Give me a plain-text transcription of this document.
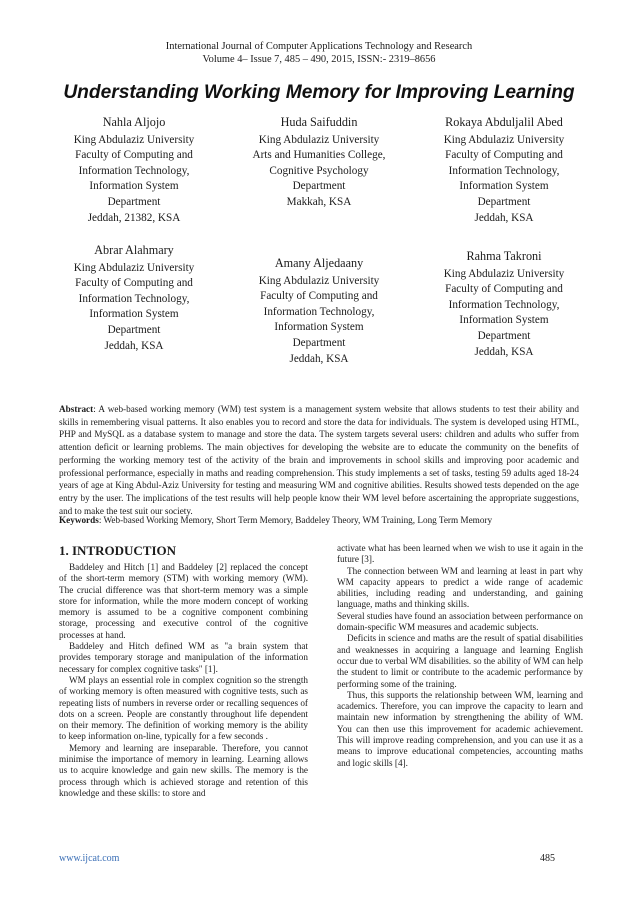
International Journal of Computer Applications Technology and Research
Volume 4– Issue 7, 485 – 490, 2015, ISSN:- 2319–8656
Understanding Working Memory for Improving Learning
Nahla Aljojo
King Abdulaziz University
Faculty of Computing and
Information Technology,
Information System
Department
Jeddah, 21382, KSA
Huda Saifuddin
King Abdulaziz University
Arts and Humanities College,
Cognitive Psychology
Department
Makkah, KSA
Rokaya Abduljalil Abed
King Abdulaziz University
Faculty of Computing and
Information Technology,
Information System
Department
Jeddah, KSA
Abrar Alahmary
King Abdulaziz University
Faculty of Computing and
Information Technology,
Information System
Department
Jeddah, KSA
Amany Aljedaany
King Abdulaziz University
Faculty of Computing and
Information Technology,
Information System
Department
Jeddah, KSA
Rahma Takroni
King Abdulaziz University
Faculty of Computing and
Information Technology,
Information System
Department
Jeddah, KSA
Abstract: A web-based working memory (WM) test system is a management system website that allows students to test their ability and skills in remembering visual patterns. It also enables you to record and store the data for individuals. The system is developed using HTML, PHP and MySQL as a database system to manage and store the data. The system targets several users: children and adults who suffer from attention deficit or learning problems. The main objectives for developing the website are to educate the community on the benefits of performing the working memory test of the activity of the brain and improvements in school skills and improving poor academic and professional performance, especially in maths and reading comprehension. This study implements a set of tasks, testing 59 adults aged 18-24 years of age at King Abdul-Aziz University for testing and measuring WM and cognitive abilities. Results showed tests depended on the age entry by the user. The implications of the test results will help people know their WM level before ascertaining the appropriate suggestions, and to make the test suit our society.
Keywords: Web-based Working Memory, Short Term Memory, Baddeley Theory, WM Training, Long Term Memory
1. INTRODUCTION

Baddeley and Hitch [1] and Baddeley [2] replaced the concept of the short-term memory (STM) with working memory (WM). The crucial difference was that short-term memory was a simple store for information, while the more modern concept of working memory is assumed to be a cognitive component combining storage, processing and executive control of the cognitive processes at hand.

Baddeley and Hitch defined WM as "a brain system that provides temporary storage and manipulation of the information necessary for complex cognitive tasks" [1].

WM plays an essential role in complex cognition so the strength of working memory is often measured with cognitive tests, such as repeating lists of numbers in reverse order or recalling sequences of dots on a screen. People are constantly throughout life dependent on their memory. The definition of working memory is the ability to keep information on-line, typically for a few seconds .

Memory and learning are inseparable. Therefore, you cannot minimise the importance of memory in learning. Learning allows us to acquire knowledge and gain new skills. The memory is the process through which is achieved storage and retention of this knowledge and these skills: to store and

activate what has been learned when we wish to use it again in the future [3].

The connection between WM and learning at least in part why WM capacity appears to predict a wide range of academic abilities, including reading and understanding, and gaining language, maths and thinking skills.

Several studies have found an association between performance on domain-specific WM measures and academic subjects.

Deficits in science and maths are the result of spatial disabilities and weaknesses in acquiring a language and learning English occur due to verbal WM disabilities. so the ability of WM can help the student to limit or contribute to the academic performance by performing some of the training.

Thus, this supports the relationship between WM, learning and academics. Therefore, you can improve the capacity to learn and maintain new information by strengthening the ability of WM. You can then use this improvement for academic achievement. This will improve reading comprehension, and you can use it as a means to improve educational competencies, accounting maths and logic skills [4].

www.ijcat.com	485
